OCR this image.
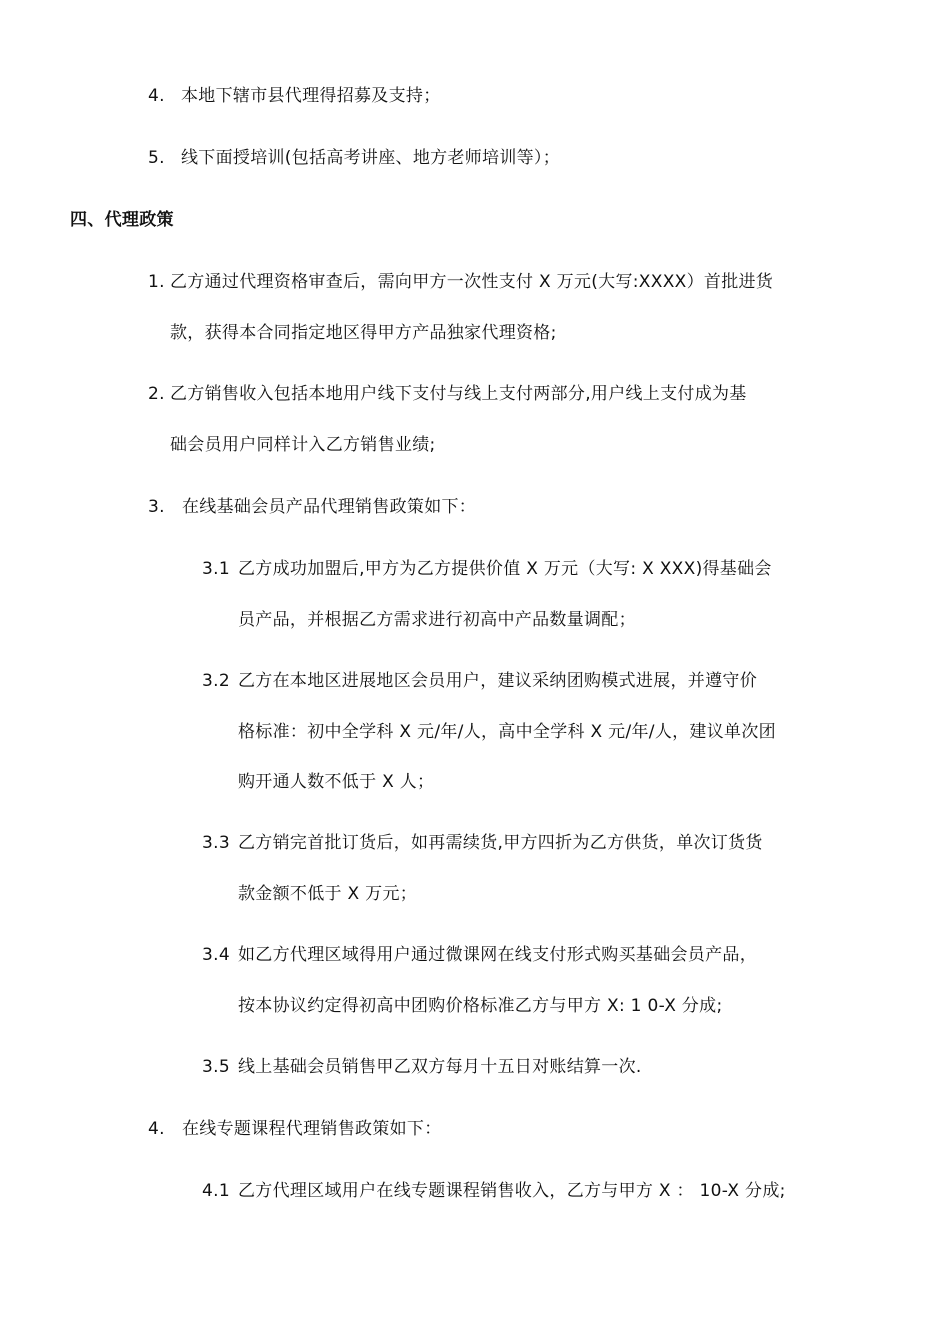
4. 本地下辖市县代理得招募及支持；
5. 线下面授培训(包括高考讲座、地方老师培训等）；
四、代理政策
1. 乙方通过代理资格审查后，需向甲方一次性支付 X 万元(大写:XXXX）首批进货
款，获得本合同指定地区得甲方产品独家代理资格;
2. 乙方销售收入包括本地用户线下支付与线上支付两部分,用户线上支付成为基
础会员用户同样计入乙方销售业绩;
3. 在线基础会员产品代理销售政策如下：
3.1 乙方成功加盟后,甲方为乙方提供价值 X 万元（大写: X XXX)得基础会
员产品，并根据乙方需求进行初高中产品数量调配；
3.2 乙方在本地区进展地区会员用户，建议采纳团购模式进展，并遵守价
格标准：初中全学科 X 元/年/人，高中全学科 X 元/年/人，建议单次团
购开通人数不低于 X 人；
3.3 乙方销完首批订货后，如再需续货,甲方四折为乙方供货，单次订货货
款金额不低于 X 万元；
3.4 如乙方代理区域得用户通过微课网在线支付形式购买基础会员产品，
按本协议约定得初高中团购价格标准乙方与甲方 X: 1 0-X 分成;
3.5 线上基础会员销售甲乙双方每月十五日对账结算一次.
4. 在线专题课程代理销售政策如下：
4.1 乙方代理区域用户在线专题课程销售收入，乙方与甲方 X ： 10-X 分成;
